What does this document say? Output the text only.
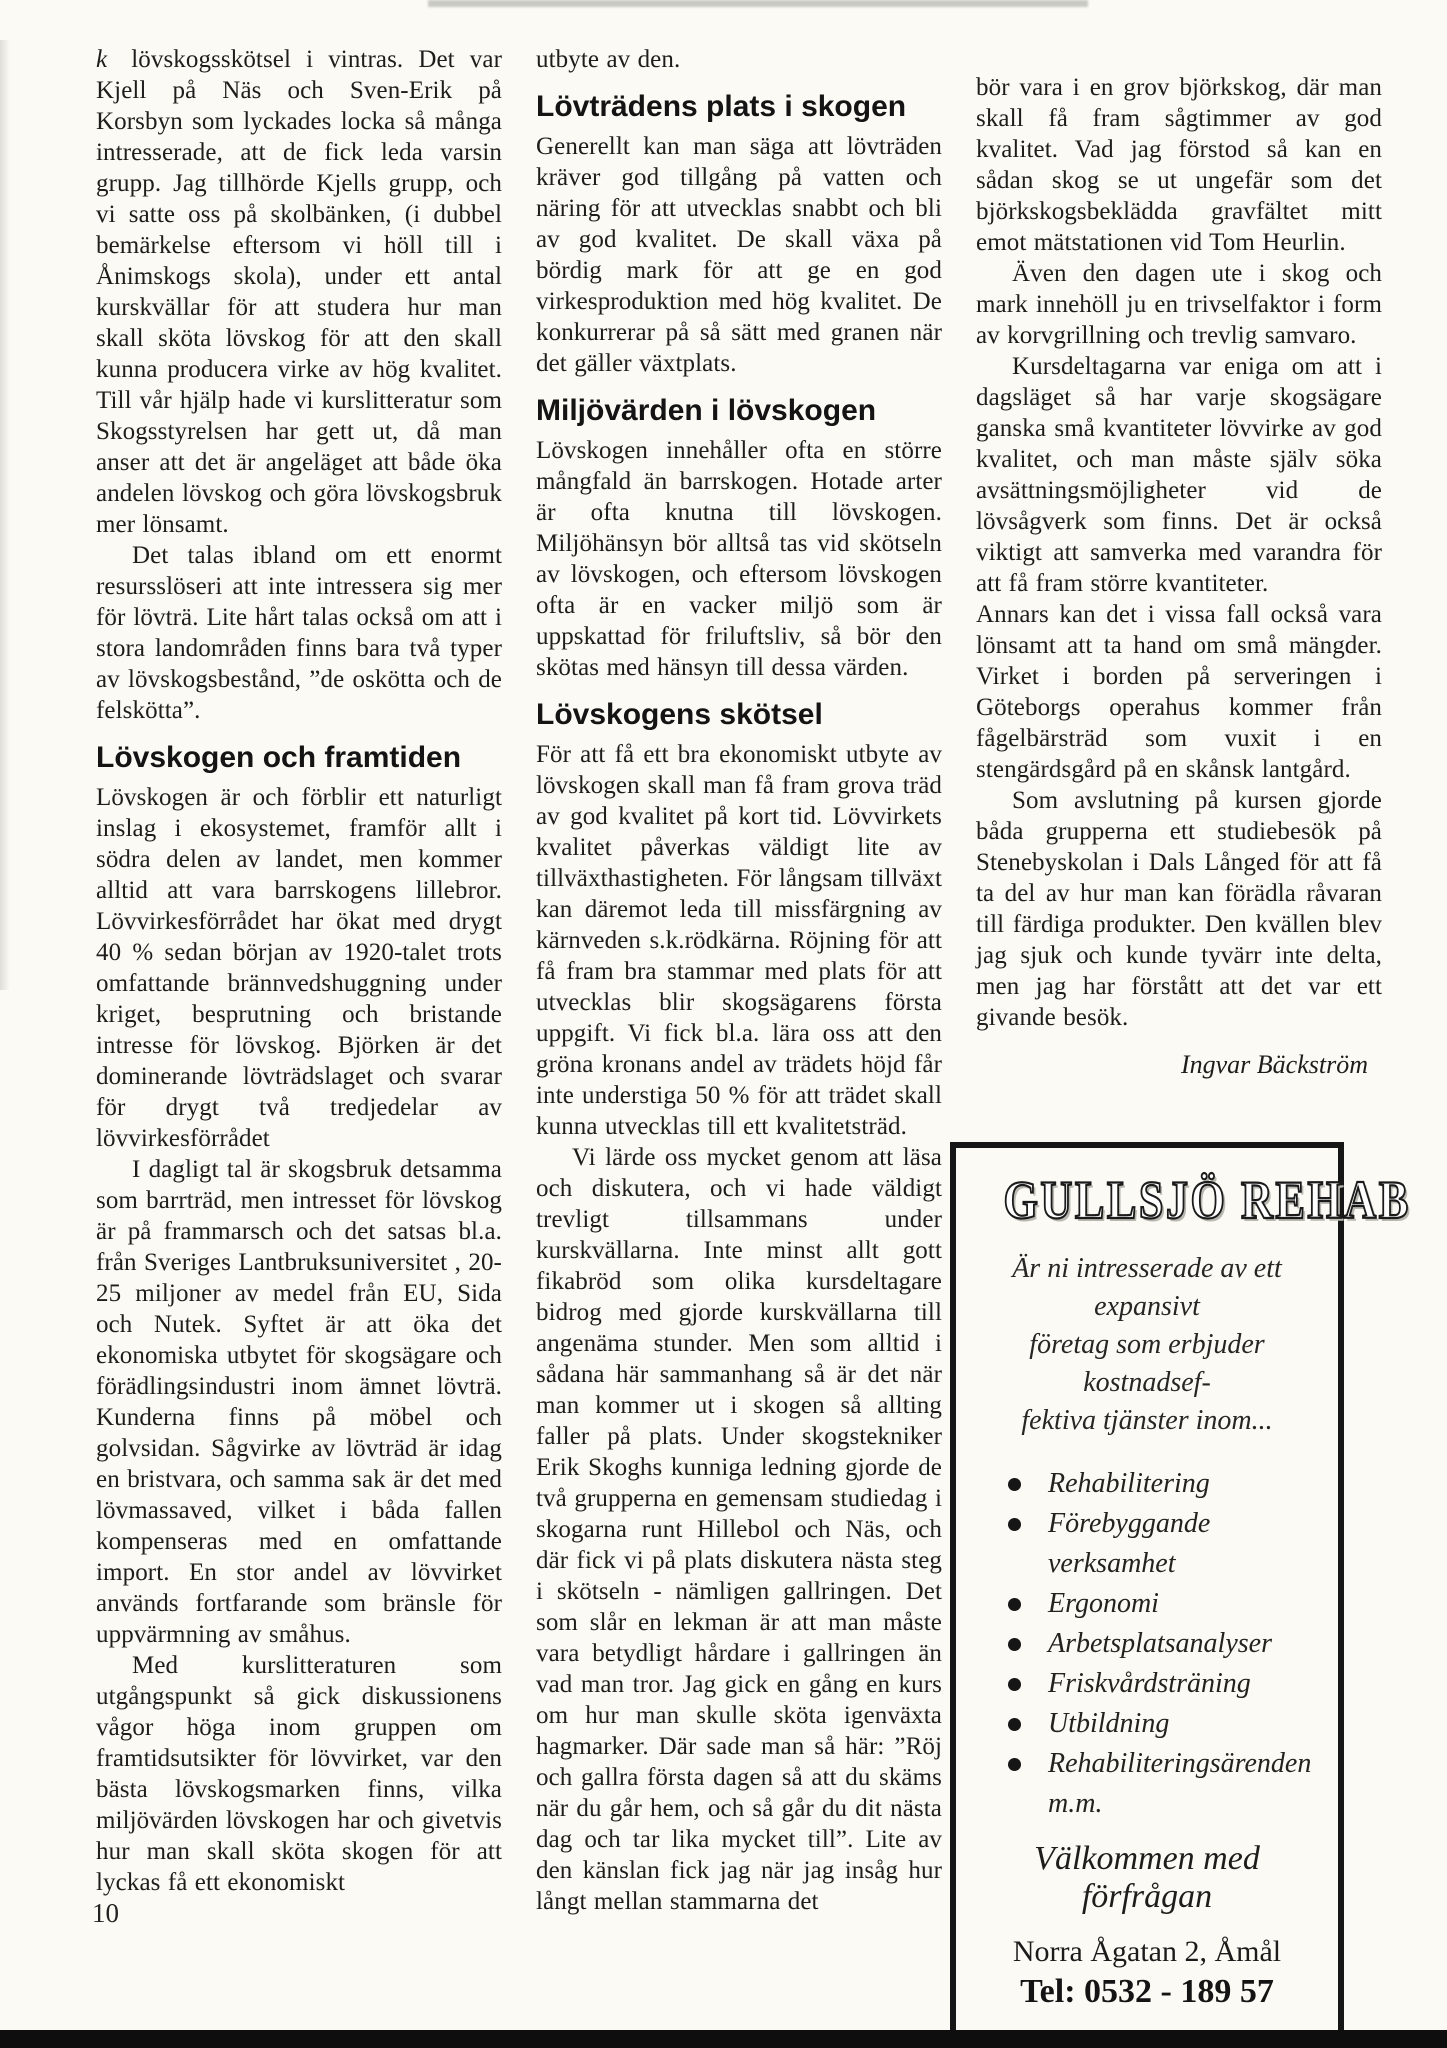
k lövskogsskötsel i vintras. Det var Kjell på Näs och Sven-Erik på Korsbyn som lyckades locka så många intresserade, att de fick leda varsin grupp. Jag tillhörde Kjells grupp, och vi satte oss på skolbänken, (i dubbel bemärkelse eftersom vi höll till i Ånimskogs skola), under ett antal kurskvällar för att studera hur man skall sköta lövskog för att den skall kunna producera virke av hög kvalitet. Till vår hjälp hade vi kurslitteratur som Skogsstyrelsen har gett ut, då man anser att det är angeläget att både öka andelen lövskog och göra lövskogsbruk mer lönsamt.

Det talas ibland om ett enormt resursslöseri att inte intressera sig mer för lövträ. Lite hårt talas också om att i stora landområden finns bara två typer av lövskogsbestånd, ”de oskötta och de felskötta”.

Lövskogen och framtiden

Lövskogen är och förblir ett naturligt inslag i ekosystemet, framför allt i södra delen av landet, men kommer alltid att vara barrskogens lillebror. Lövvirkesförrådet har ökat med drygt 40 % sedan början av 1920-talet trots omfattande brännvedshuggning under kriget, besprutning och bristande intresse för lövskog. Björken är det dominerande lövträdslaget och svarar för drygt två tredjedelar av lövvirkesförrådet

I dagligt tal är skogsbruk detsamma som barrträd, men intresset för lövskog är på frammarsch och det satsas bl.a. från Sveriges Lantbruksuniversitet , 20-25 miljoner av medel från EU, Sida och Nutek. Syftet är att öka det ekonomiska utbytet för skogsägare och förädlingsindustri inom ämnet lövträ. Kunderna finns på möbel och golvsidan. Sågvirke av lövträd är idag en bristvara, och samma sak är det med lövmassaved, vilket i båda fallen kompenseras med en omfattande import. En stor andel av lövvirket används fortfarande som bränsle för uppvärmning av småhus.

Med kurslitteraturen som utgångspunkt så gick diskussionens vågor höga inom gruppen om framtidsutsikter för lövvirket, var den bästa lövskogsmarken finns, vilka miljövärden lövskogen har och givetvis hur man skall sköta skogen för att lyckas få ett ekonomiskt

utbyte av den.

Lövträdens plats i skogen

Generellt kan man säga att lövträden kräver god tillgång på vatten och näring för att utvecklas snabbt och bli av god kvalitet. De skall växa på bördig mark för att ge en god virkesproduktion med hög kvalitet. De konkurrerar på så sätt med granen när det gäller växtplats.

Miljövärden i lövskogen

Lövskogen innehåller ofta en större mångfald än barrskogen. Hotade arter är ofta knutna till lövskogen. Miljöhänsyn bör alltså tas vid skötseln av lövskogen, och eftersom lövskogen ofta är en vacker miljö som är uppskattad för friluftsliv, så bör den skötas med hänsyn till dessa värden.

Lövskogens skötsel

För att få ett bra ekonomiskt utbyte av lövskogen skall man få fram grova träd av god kvalitet på kort tid. Lövvirkets kvalitet påverkas väldigt lite av tillväxthastigheten. För långsam tillväxt kan däremot leda till missfärgning av kärnveden s.k.rödkärna. Röjning för att få fram bra stammar med plats för att utvecklas blir skogsägarens första uppgift. Vi fick bl.a. lära oss att den gröna kronans andel av trädets höjd får inte understiga 50 % för att trädet skall kunna utvecklas till ett kvalitetsträd.

Vi lärde oss mycket genom att läsa och diskutera, och vi hade väldigt trevligt tillsammans under kurskvällarna. Inte minst allt gott fikabröd som olika kursdeltagare bidrog med gjorde kurskvällarna till angenäma stunder. Men som alltid i sådana här sammanhang så är det när man kommer ut i skogen så allting faller på plats. Under skogstekniker Erik Skoghs kunniga ledning gjorde de två grupperna en gemensam studiedag i skogarna runt Hillebol och Näs, och där fick vi på plats diskutera nästa steg i skötseln - nämligen gallringen. Det som slår en lekman är att man måste vara betydligt hårdare i gallringen än vad man tror. Jag gick en gång en kurs om hur man skulle sköta igenväxta hagmarker. Där sade man så här: ”Röj och gallra första dagen så att du skäms när du går hem, och så går du dit nästa dag och tar lika mycket till”. Lite av den känslan fick jag när jag insåg hur långt mellan stammarna det

bör vara i en grov björkskog, där man skall få fram sågtimmer av god kvalitet. Vad jag förstod så kan en sådan skog se ut ungefär som det björkskogsbeklädda gravfältet mitt emot mätstationen vid Tom Heurlin.

Även den dagen ute i skog och mark innehöll ju en trivselfaktor i form av korvgrillning och trevlig samvaro.

Kursdeltagarna var eniga om att i dagsläget så har varje skogsägare ganska små kvantiteter lövvirke av god kvalitet, och man måste själv söka avsättningsmöjligheter vid de lövsågverk som finns. Det är också viktigt att samverka med varandra för att få fram större kvantiteter.

Annars kan det i vissa fall också vara lönsamt att ta hand om små mängder. Virket i borden på serveringen i Göteborgs operahus kommer från fågelbärsträd som vuxit i en stengärdsgård på en skånsk lantgård.

Som avslutning på kursen gjorde båda grupperna ett studiebesök på Stenebyskolan i Dals Långed för att få ta del av hur man kan förädla råvaran till färdiga produkter. Den kvällen blev jag sjuk och kunde tyvärr inte delta, men jag har förstått att det var ett givande besök.

Ingvar Bäckström

GULLSJÖ REHAB
Är ni intresserade av ett expansivt
företag som erbjuder kostnadsef-
fektiva tjänster inom...
Rehabilitering
Förebyggande verksamhet
Ergonomi
Arbetsplatsanalyser
Friskvårdsträning
Utbildning
Rehabiliteringsärenden m.m.
Välkommen med förfrågan
Norra Ågatan 2, Åmål
Tel: 0532 - 189 57
10
